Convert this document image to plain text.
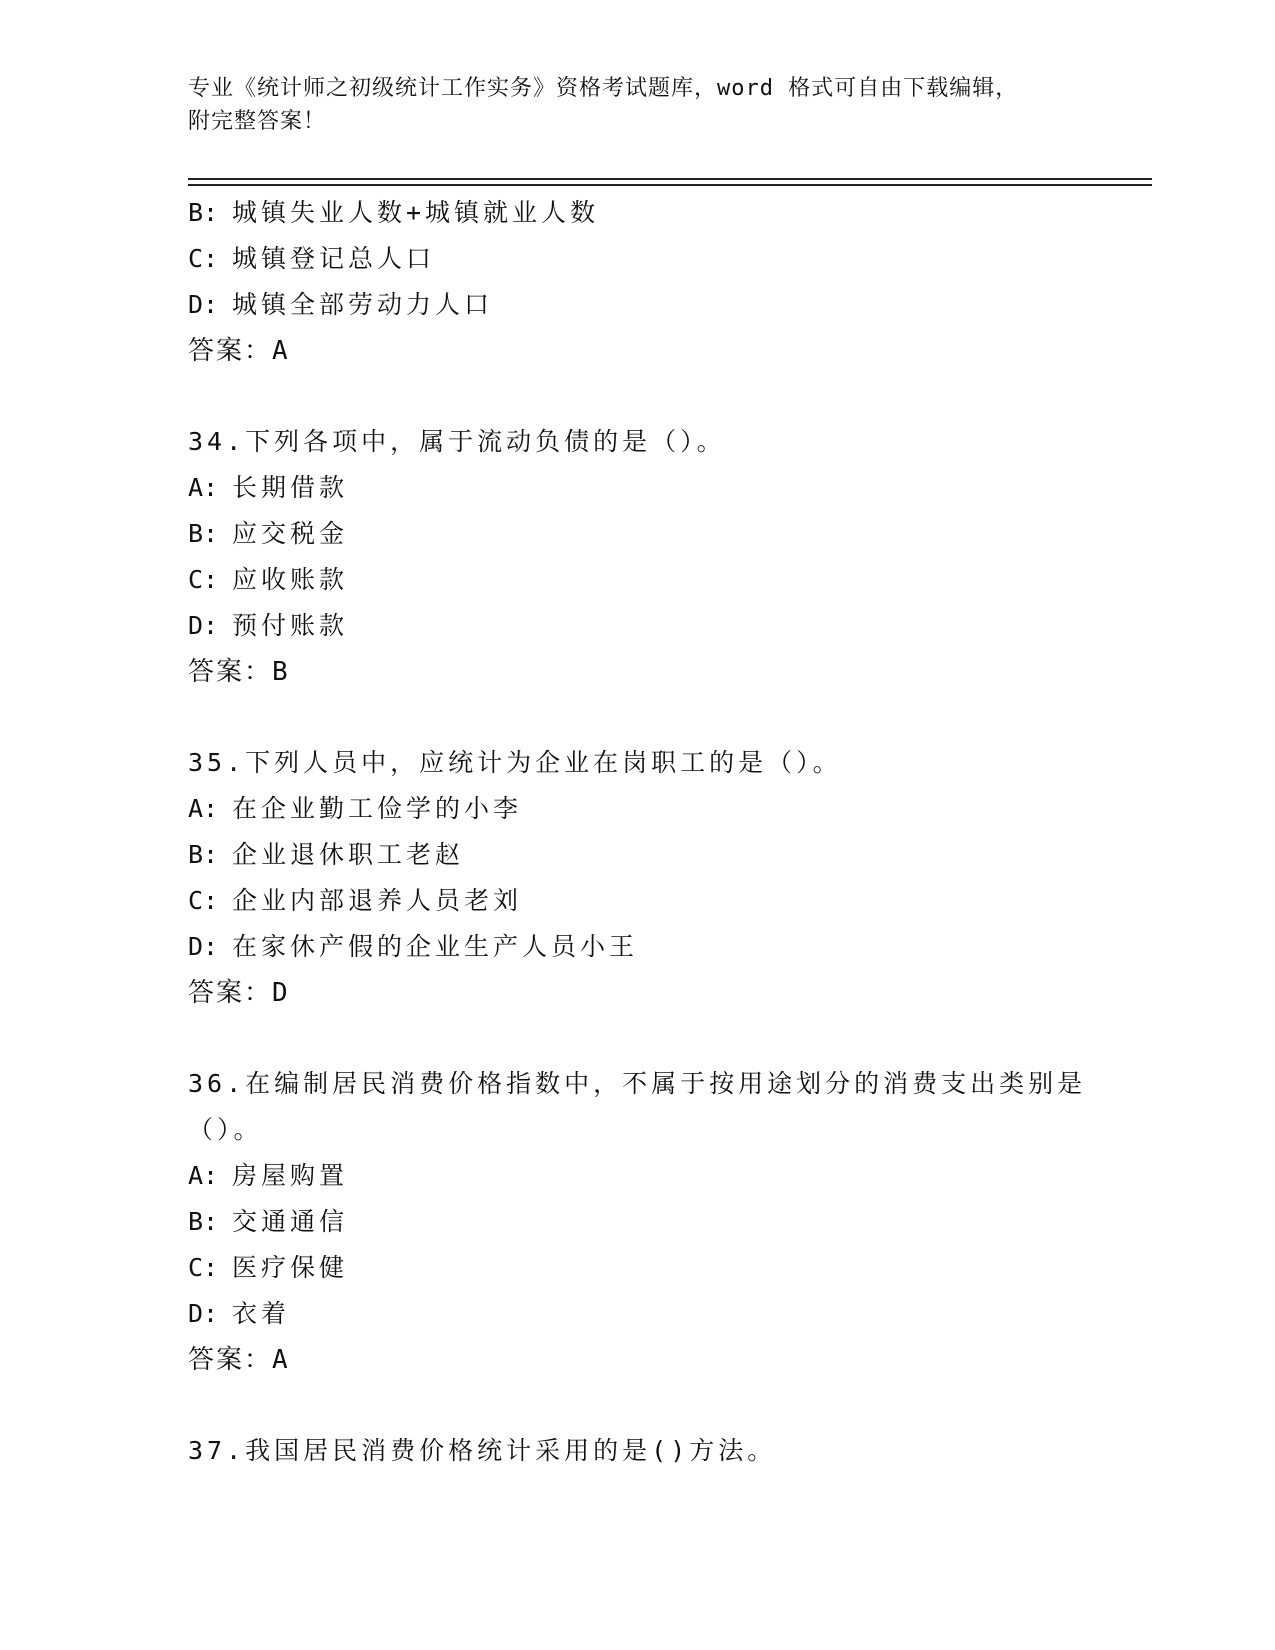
专业《统计师之初级统计工作实务》资格考试题库，word 格式可自由下载编辑，
附完整答案！
B: 城镇失业人数+城镇就业人数
C: 城镇登记总人口
D: 城镇全部劳动力人口
答案：A
34.下列各项中，属于流动负债的是（）。
A: 长期借款
B: 应交税金
C: 应收账款
D: 预付账款
答案：B
35.下列人员中，应统计为企业在岗职工的是（）。
A: 在企业勤工俭学的小李
B: 企业退休职工老赵
C: 企业内部退养人员老刘
D: 在家休产假的企业生产人员小王
答案：D
36.在编制居民消费价格指数中，不属于按用途划分的消费支出类别是
（）。
A: 房屋购置
B: 交通通信
C: 医疗保健
D: 衣着
答案：A
37.我国居民消费价格统计采用的是()方法。
